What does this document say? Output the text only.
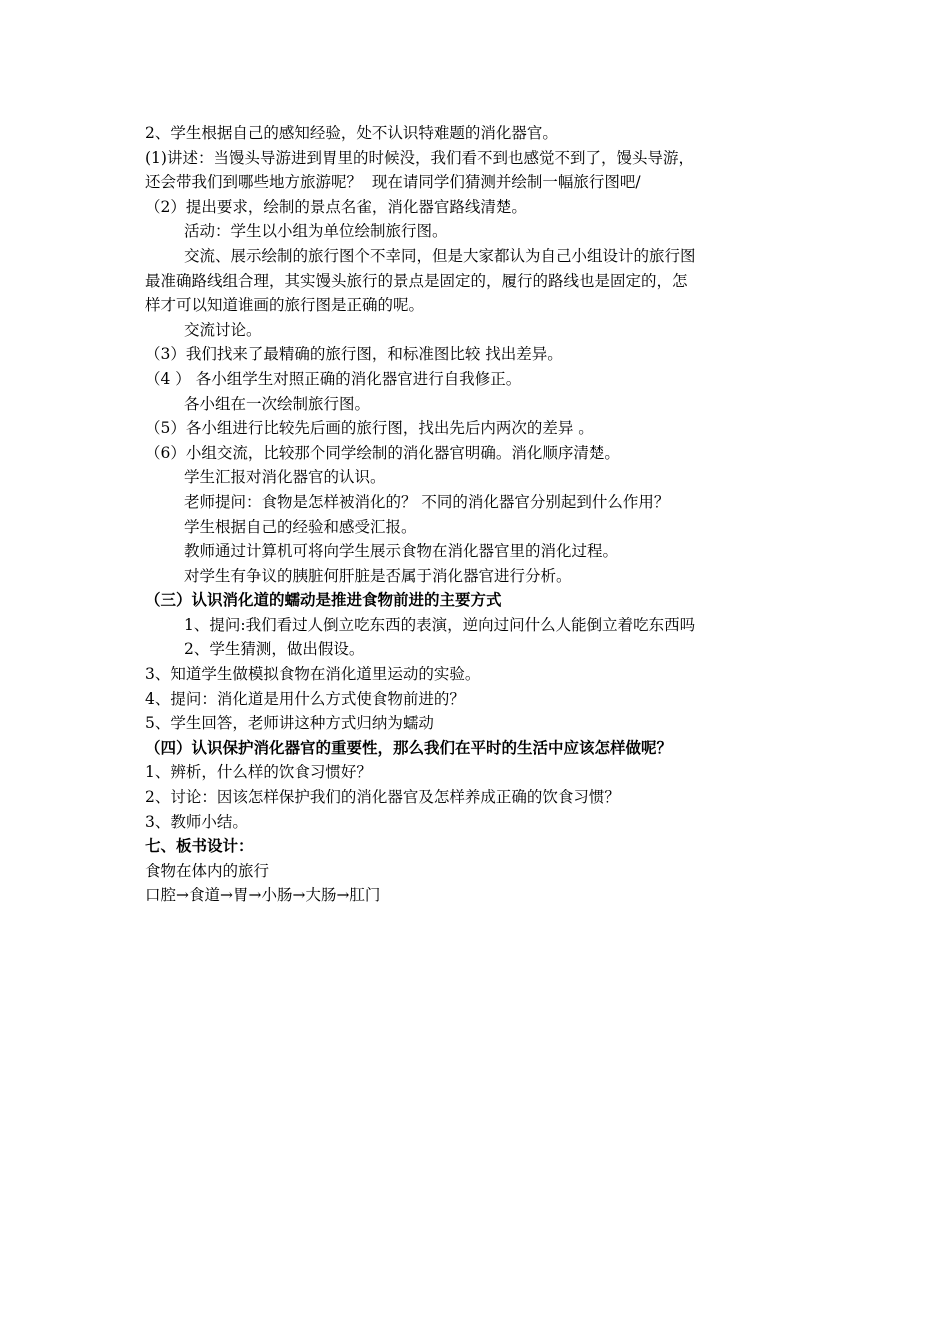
2、学生根据自己的感知经验，处不认识特难题的消化器官。

(1)讲述：当馒头导游进到胃里的时候没，我们看不到也感觉不到了，馒头导游，

还会带我们到哪些地方旅游呢？  现在请同学们猜测并绘制一幅旅行图吧/

（2）提出要求，绘制的景点名雀，消化器官路线清楚。

活动：学生以小组为单位绘制旅行图。

交流、展示绘制的旅行图个不幸同，但是大家都认为自己小组设计的旅行图

最准确路线组合理，其实馒头旅行的景点是固定的，履行的路线也是固定的，怎

样才可以知道谁画的旅行图是正确的呢。

交流讨论。

（3）我们找来了最精确的旅行图，和标准图比较 找出差异。

（4 ） 各小组学生对照正确的消化器官进行自我修正。

各小组在一次绘制旅行图。

（5）各小组进行比较先后画的旅行图，找出先后内两次的差异 。

（6）小组交流，比较那个同学绘制的消化器官明确。消化顺序清楚。

学生汇报对消化器官的认识。

老师提问：食物是怎样被消化的？ 不同的消化器官分别起到什么作用？

学生根据自己的经验和感受汇报。

教师通过计算机可将向学生展示食物在消化器官里的消化过程。

对学生有争议的胰脏何肝脏是否属于消化器官进行分析。

（三）认识消化道的蠕动是推进食物前进的主要方式

1、提问:我们看过人倒立吃东西的表演，逆向过问什么人能倒立着吃东西吗

2、学生猜测，做出假设。

3、知道学生做模拟食物在消化道里运动的实验。

4、提问：消化道是用什么方式使食物前进的？

5、学生回答，老师讲这种方式归纳为蠕动

（四）认识保护消化器官的重要性，那么我们在平时的生活中应该怎样做呢？

1、辨析，什么样的饮食习惯好？

2、讨论：因该怎样保护我们的消化器官及怎样养成正确的饮食习惯？

3、教师小结。

七、板书设计：

食物在体内的旅行

口腔→食道→胃→小肠→大肠→肛门
